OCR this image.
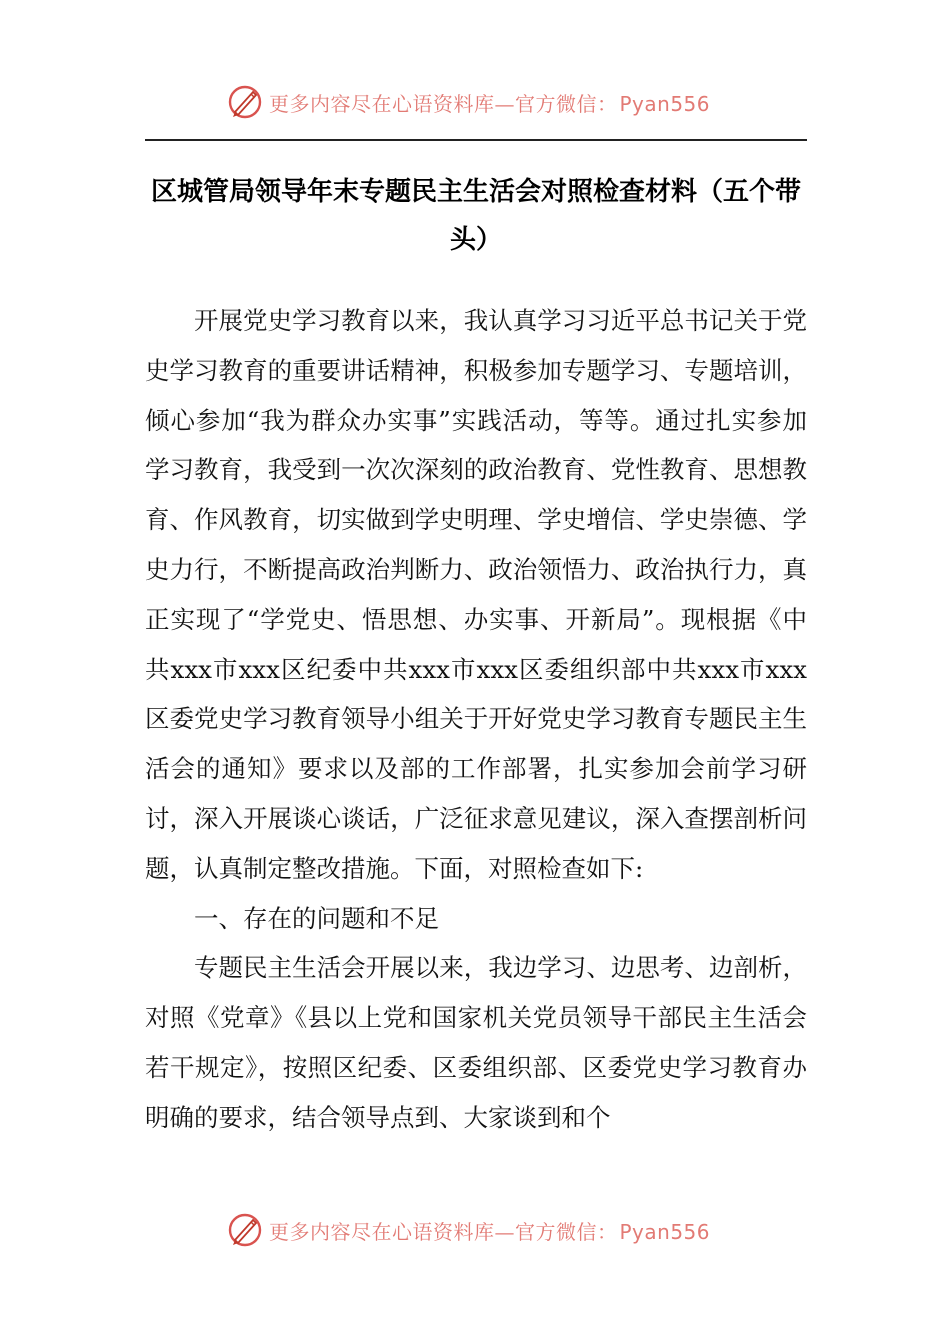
更多内容尽在心语资料库—官方微信： Pyan556
区城管局领导年末专题民主生活会对照检查材料（五个带头）

开展党史学习教育以来，我认真学习习近平总书记关于党史学习教育的重要讲话精神，积极参加专题学习、专题培训，倾心参加“我为群众办实事”实践活动，等等。通过扎实参加学习教育，我受到一次次深刻的政治教育、党性教育、思想教育、作风教育，切实做到学史明理、学史增信、学史崇德、学史力行，不断提高政治判断力、政治领悟力、政治执行力，真正实现了“学党史、悟思想、办实事、开新局”。现根据《中共xxx市xxx区纪委中共xxx市xxx区委组织部中共xxx市xxx区委党史学习教育领导小组关于开好党史学习教育专题民主生活会的通知》要求以及部的工作部署，扎实参加会前学习研讨，深入开展谈心谈话，广泛征求意见建议，深入查摆剖析问题，认真制定整改措施。下面，对照检查如下:

一、存在的问题和不足

专题民主生活会开展以来，我边学习、边思考、边剖析，对照《党章》《县以上党和国家机关党员领导干部民主生活会若干规定》，按照区纪委、区委组织部、区委党史学习教育办明确的要求，结合领导点到、大家谈到和个

更多内容尽在心语资料库—官方微信： Pyan556
